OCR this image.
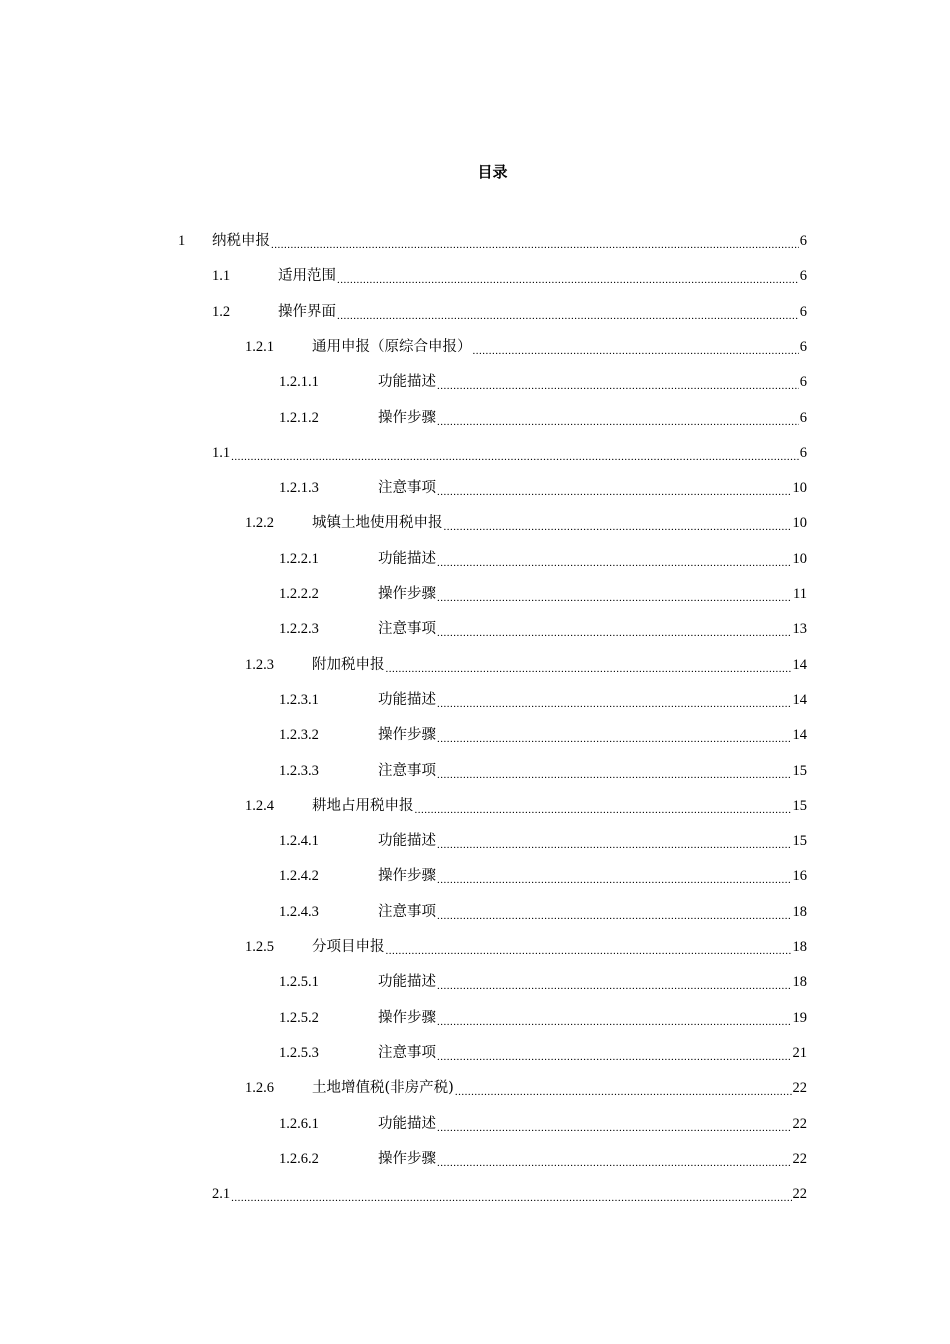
目录
1	纳税申报 .....	6
1.1	适用范围 .....	6
1.2	操作界面 .....	6
1.2.1	通用申报（原综合申报） .....	6
1.2.1.1	功能描述 .....	6
1.2.1.2	操作步骤 .....	6
1.1 .....	6
1.2.1.3	注意事项 .....	10
1.2.2	城镇土地使用税申报 .....	10
1.2.2.1	功能描述 .....	10
1.2.2.2	操作步骤 .....	11
1.2.2.3	注意事项 .....	13
1.2.3	附加税申报 .....	14
1.2.3.1	功能描述 .....	14
1.2.3.2	操作步骤 .....	14
1.2.3.3	注意事项 .....	15
1.2.4	耕地占用税申报 .....	15
1.2.4.1	功能描述 .....	15
1.2.4.2	操作步骤 .....	16
1.2.4.3	注意事项 .....	18
1.2.5	分项目申报 .....	18
1.2.5.1	功能描述 .....	18
1.2.5.2	操作步骤 .....	19
1.2.5.3	注意事项 .....	21
1.2.6	土地增值税(非房产税) .....	22
1.2.6.1	功能描述 .....	22
1.2.6.2	操作步骤 .....	22
2.1 .....	22
